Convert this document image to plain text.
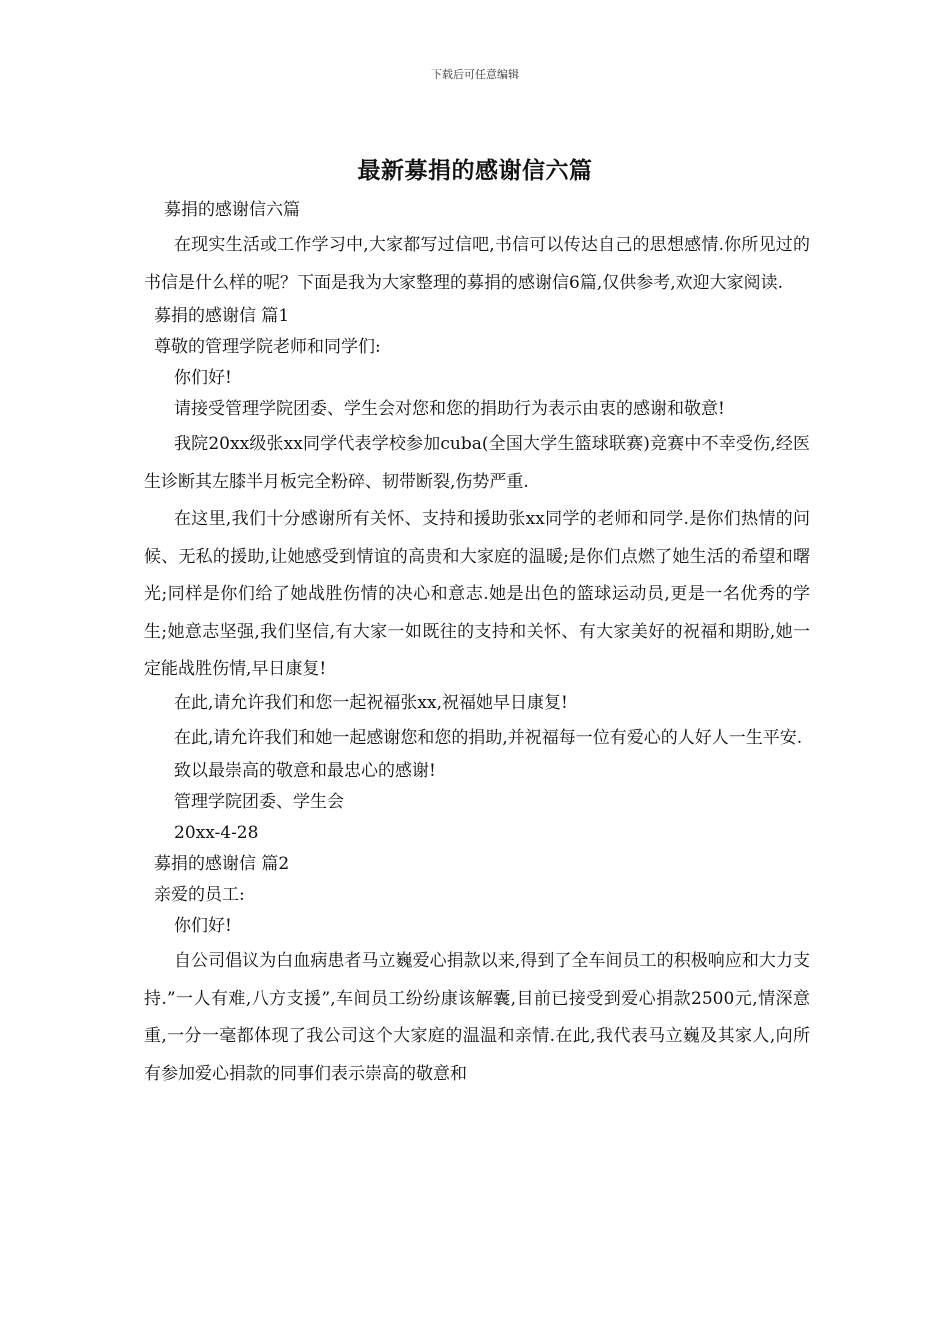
下载后可任意编辑
最新募捐的感谢信六篇
募捐的感谢信六篇
在现实生活或工作学习中,大家都写过信吧,书信可以传达自己的思想感情.你所见过的书信是什么样的呢？下面是我为大家整理的募捐的感谢信6篇,仅供参考,欢迎大家阅读.
募捐的感谢信 篇1
尊敬的管理学院老师和同学们:
你们好!
请接受管理学院团委、学生会对您和您的捐助行为表示由衷的感谢和敬意!
我院20xx级张xx同学代表学校参加cuba(全国大学生篮球联赛)竞赛中不幸受伤,经医生诊断其左膝半月板完全粉碎、韧带断裂,伤势严重.
在这里,我们十分感谢所有关怀、支持和援助张xx同学的老师和同学.是你们热情的问候、无私的援助,让她感受到情谊的高贵和大家庭的温暖;是你们点燃了她生活的希望和曙光;同样是你们给了她战胜伤情的决心和意志.她是出色的篮球运动员,更是一名优秀的学生;她意志坚强,我们坚信,有大家一如既往的支持和关怀、有大家美好的祝福和期盼,她一定能战胜伤情,早日康复!
在此,请允许我们和您一起祝福张xx,祝福她早日康复!
在此,请允许我们和她一起感谢您和您的捐助,并祝福每一位有爱心的人好人一生平安.
致以最崇高的敬意和最忠心的感谢!
管理学院团委、学生会
20xx-4-28
募捐的感谢信 篇2
亲爱的员工:
你们好!
自公司倡议为白血病患者马立巍爱心捐款以来,得到了全车间员工的积极响应和大力支持.”一人有难,八方支援”,车间员工纷纷康该解囊,目前已接受到爱心捐款2500元,情深意重,一分一毫都体现了我公司这个大家庭的温温和亲情.在此,我代表马立巍及其家人,向所有参加爱心捐款的同事们表示崇高的敬意和
